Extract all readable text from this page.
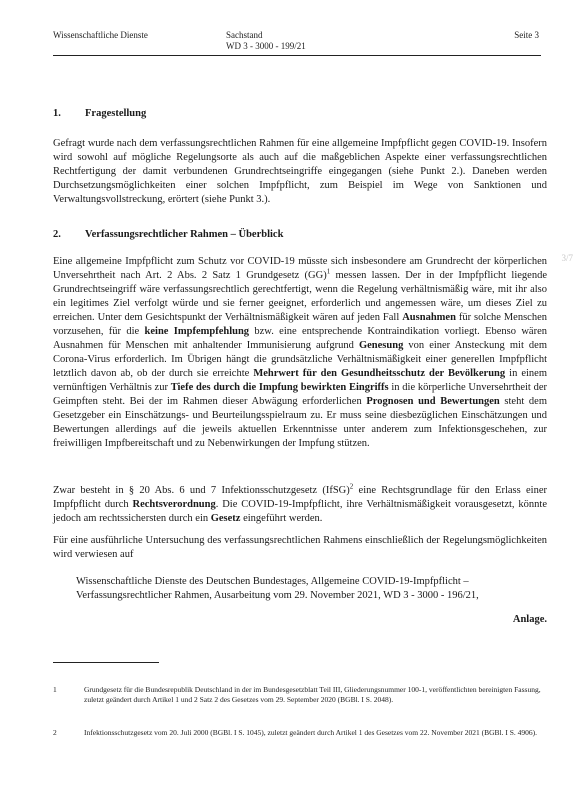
Wissenschaftliche Dienste	Sachstand
WD 3 - 3000 - 199/21
Seite 3
3/7
1. Fragestellung

Gefragt wurde nach dem verfassungsrechtlichen Rahmen für eine allgemeine Impfpflicht gegen COVID-19. Insofern wird sowohl auf mögliche Regelungsorte als auch auf die maßgeblichen Aspekte einer verfassungsrechtlichen Rechtfertigung der damit verbundenen Grundrechtseingriffe eingegangen (siehe Punkt 2.). Daneben werden Durchsetzungsmöglichkeiten einer solchen Impfpflicht, zum Beispiel im Wege von Sanktionen und Verwaltungsvollstreckung, erörtert (siehe Punkt 3.).

2. Verfassungsrechtlicher Rahmen – Überblick

Eine allgemeine Impfpflicht zum Schutz vor COVID-19 müsste sich insbesondere am Grundrecht der körperlichen Unversehrtheit nach Art. 2 Abs. 2 Satz 1 Grundgesetz (GG)$^1$ messen lassen. Der in der Impfpflicht liegende Grundrechtseingriff wäre verfassungsrechtlich gerechtfertigt, wenn die Regelung verhältnismäßig wäre, mit ihr also ein legitimes Ziel verfolgt würde und sie ferner geeignet, erforderlich und angemessen wäre, um dieses Ziel zu erreichen. Unter dem Gesichtspunkt der Verhältnismäßigkeit wären auf jeden Fall Ausnahmen für solche Menschen vorzusehen, für die keine Impfempfehlung bzw. eine entsprechende Kontraindikation vorliegt. Ebenso wären Ausnahmen für Menschen mit anhaltender Immunisierung aufgrund Genesung von einer Ansteckung mit dem Corona-Virus erforderlich. Im Übrigen hängt die grundsätzliche Verhältnismäßigkeit einer generellen Impfpflicht letztlich davon ab, ob der durch sie erreichte Mehrwert für den Gesundheitsschutz der Bevölkerung in einem vernünftigen Verhältnis zur Tiefe des durch die Impfung bewirkten Eingriffs in die körperliche Unversehrtheit der Geimpften steht. Bei der im Rahmen dieser Abwägung erforderlichen Prognosen und Bewertungen steht dem Gesetzgeber ein Einschätzungs- und Beurteilungsspielraum zu. Er muss seine diesbezüglichen Einschätzungen und Bewertungen allerdings auf die jeweils aktuellen Erkenntnisse unter anderem zum Infektionsgeschehen, zur freiwilligen Impfbereitschaft und zu Nebenwirkungen der Impfung stützen.

Zwar besteht in § 20 Abs. 6 und 7 Infektionsschutzgesetz (IfSG)$^2$ eine Rechtsgrundlage für den Erlass einer Impfpflicht durch Rechtsverordnung. Die COVID-19-Impfpflicht, ihre Verhältnismäßigkeit vorausgesetzt, könnte jedoch am rechtssichersten durch ein Gesetz eingeführt werden.

Für eine ausführliche Untersuchung des verfassungsrechtlichen Rahmens einschließlich der Regelungsmöglichkeiten wird verwiesen auf

Wissenschaftliche Dienste des Deutschen Bundestages, Allgemeine COVID-19-Impfpflicht – Verfassungsrechtlicher Rahmen, Ausarbeitung vom 29. November 2021, WD 3 - 3000 - 196/21,

Anlage.
1	Grundgesetz für die Bundesrepublik Deutschland in der im Bundesgesetzblatt Teil III, Gliederungsnummer 100-1, veröffentlichten bereinigten Fassung, zuletzt geändert durch Artikel 1 und 2 Satz 2 des Gesetzes vom 29. September 2020 (BGBl. I S. 2048).
2	Infektionsschutzgesetz vom 20. Juli 2000 (BGBl. I S. 1045), zuletzt geändert durch Artikel 1 des Gesetzes vom 22. November 2021 (BGBl. I S. 4906).
